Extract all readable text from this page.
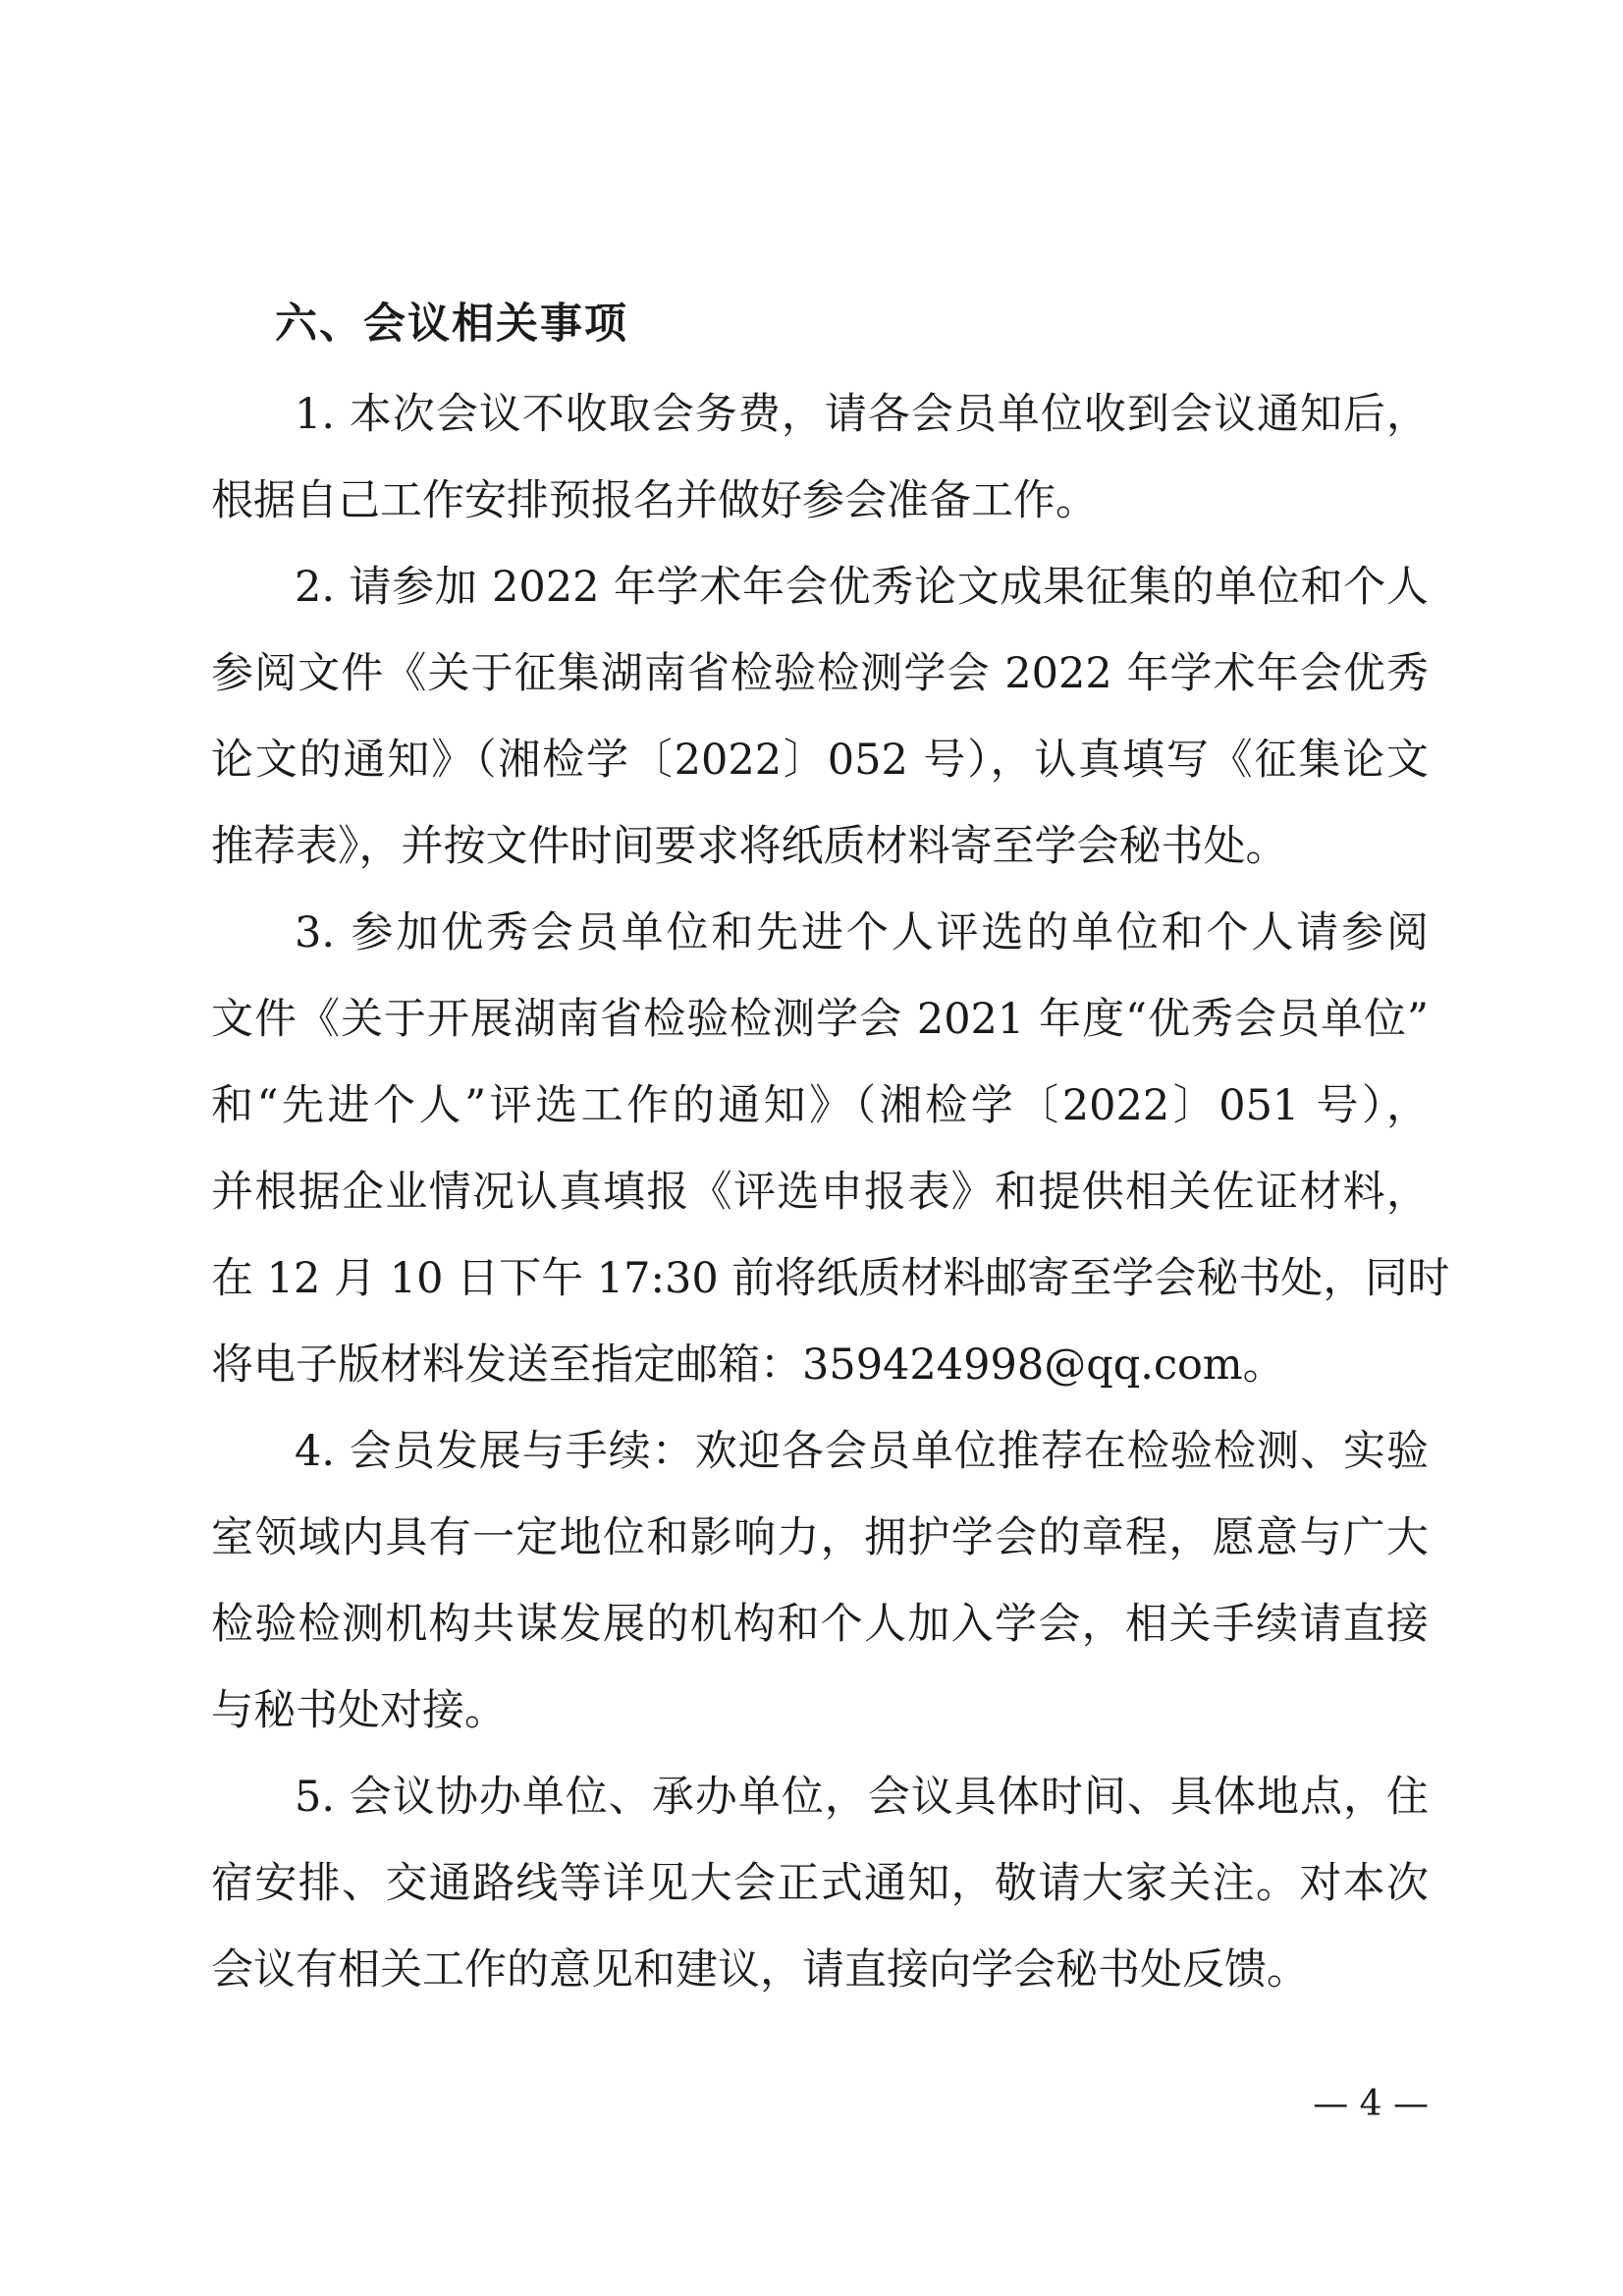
六、会议相关事项

1. 本次会议不收取会务费，请各会员单位收到会议通知后，

根据自己工作安排预报名并做好参会准备工作。

2. 请参加 2022 年学术年会优秀论文成果征集的单位和个人

参阅文件《关于征集湖南省检验检测学会 2022 年学术年会优秀

论文的通知》（湘检学〔2022〕052 号），认真填写《征集论文

推荐表》，并按文件时间要求将纸质材料寄至学会秘书处。

3. 参加优秀会员单位和先进个人评选的单位和个人请参阅

文件《关于开展湖南省检验检测学会 2021 年度“优秀会员单位”

和“先进个人”评选工作的通知》（湘检学〔2022〕051 号），

并根据企业情况认真填报《评选申报表》和提供相关佐证材料，

在 12 月 10 日下午 17:30 前将纸质材料邮寄至学会秘书处，同时

将电子版材料发送至指定邮箱：359424998@qq.com。

4. 会员发展与手续：欢迎各会员单位推荐在检验检测、实验

室领域内具有一定地位和影响力，拥护学会的章程，愿意与广大

检验检测机构共谋发展的机构和个人加入学会，相关手续请直接

与秘书处对接。

5. 会议协办单位、承办单位，会议具体时间、具体地点，住

宿安排、交通路线等详见大会正式通知，敬请大家关注。对本次

会议有相关工作的意见和建议，请直接向学会秘书处反馈。

— 4 —
